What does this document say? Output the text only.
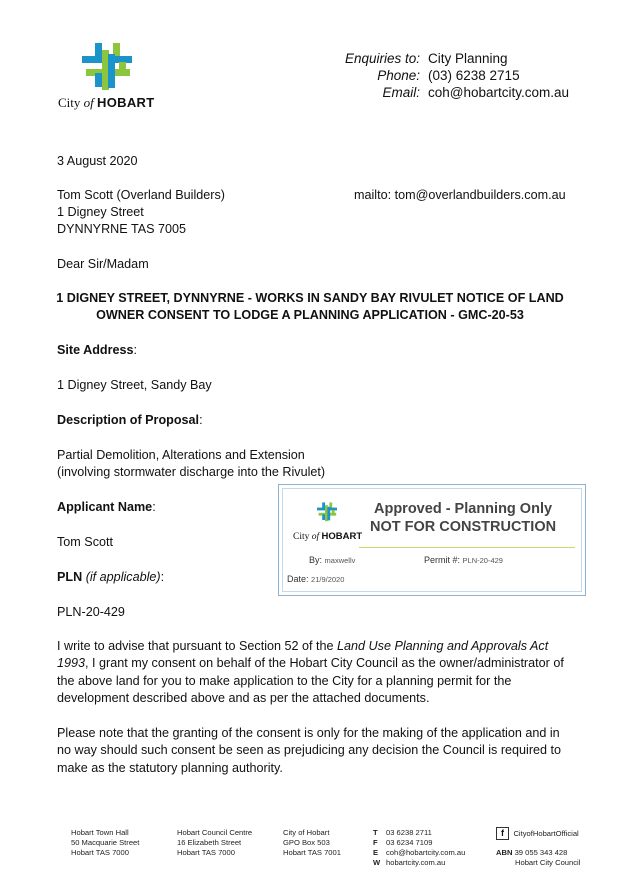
City of HOBART
Enquiries to: City Planning
Phone: (03) 6238 2715
Email: coh@hobartcity.com.au
3 August 2020
Tom Scott (Overland Builders)
1 Digney Street
DYNNYRNE TAS 7005
mailto: tom@overlandbuilders.com.au
Dear Sir/Madam
1 DIGNEY STREET, DYNNYRNE - WORKS IN SANDY BAY RIVULET NOTICE OF LAND
OWNER CONSENT TO LODGE A PLANNING APPLICATION - GMC-20-53
Site Address:
1 Digney Street, Sandy Bay
Description of Proposal:
Partial Demolition, Alterations and Extension
(involving stormwater discharge into the Rivulet)
Applicant Name:
Tom Scott
PLN (if applicable):
PLN-20-429
I write to advise that pursuant to Section 52 of the Land Use Planning and Approvals Act 1993, I grant my consent on behalf of the Hobart City Council as the owner/administrator of the above land for you to make application to the City for a planning permit for the development described above and as per the attached documents.
Please note that the granting of the consent is only for the making of the application and in no way should such consent be seen as prejudicing any decision the Council is required to make as the statutory planning authority.
City of HOBART
Approved - Planning Only
NOT FOR CONSTRUCTION
By: maxwellv	Permit #: PLN-20-429
Date: 21/9/2020
Hobart Town Hall
50 Macquarie Street
Hobart TAS 7000
Hobart Council Centre
16 Elizabeth Street
Hobart TAS 7000
City of Hobart
GPO Box 503
Hobart TAS 7001
T 03 6238 2711
F 03 6234 7109
E coh@hobartcity.com.au
W hobartcity.com.au
f CityofHobartOfficial
ABN 39 055 343 428
Hobart City Council
